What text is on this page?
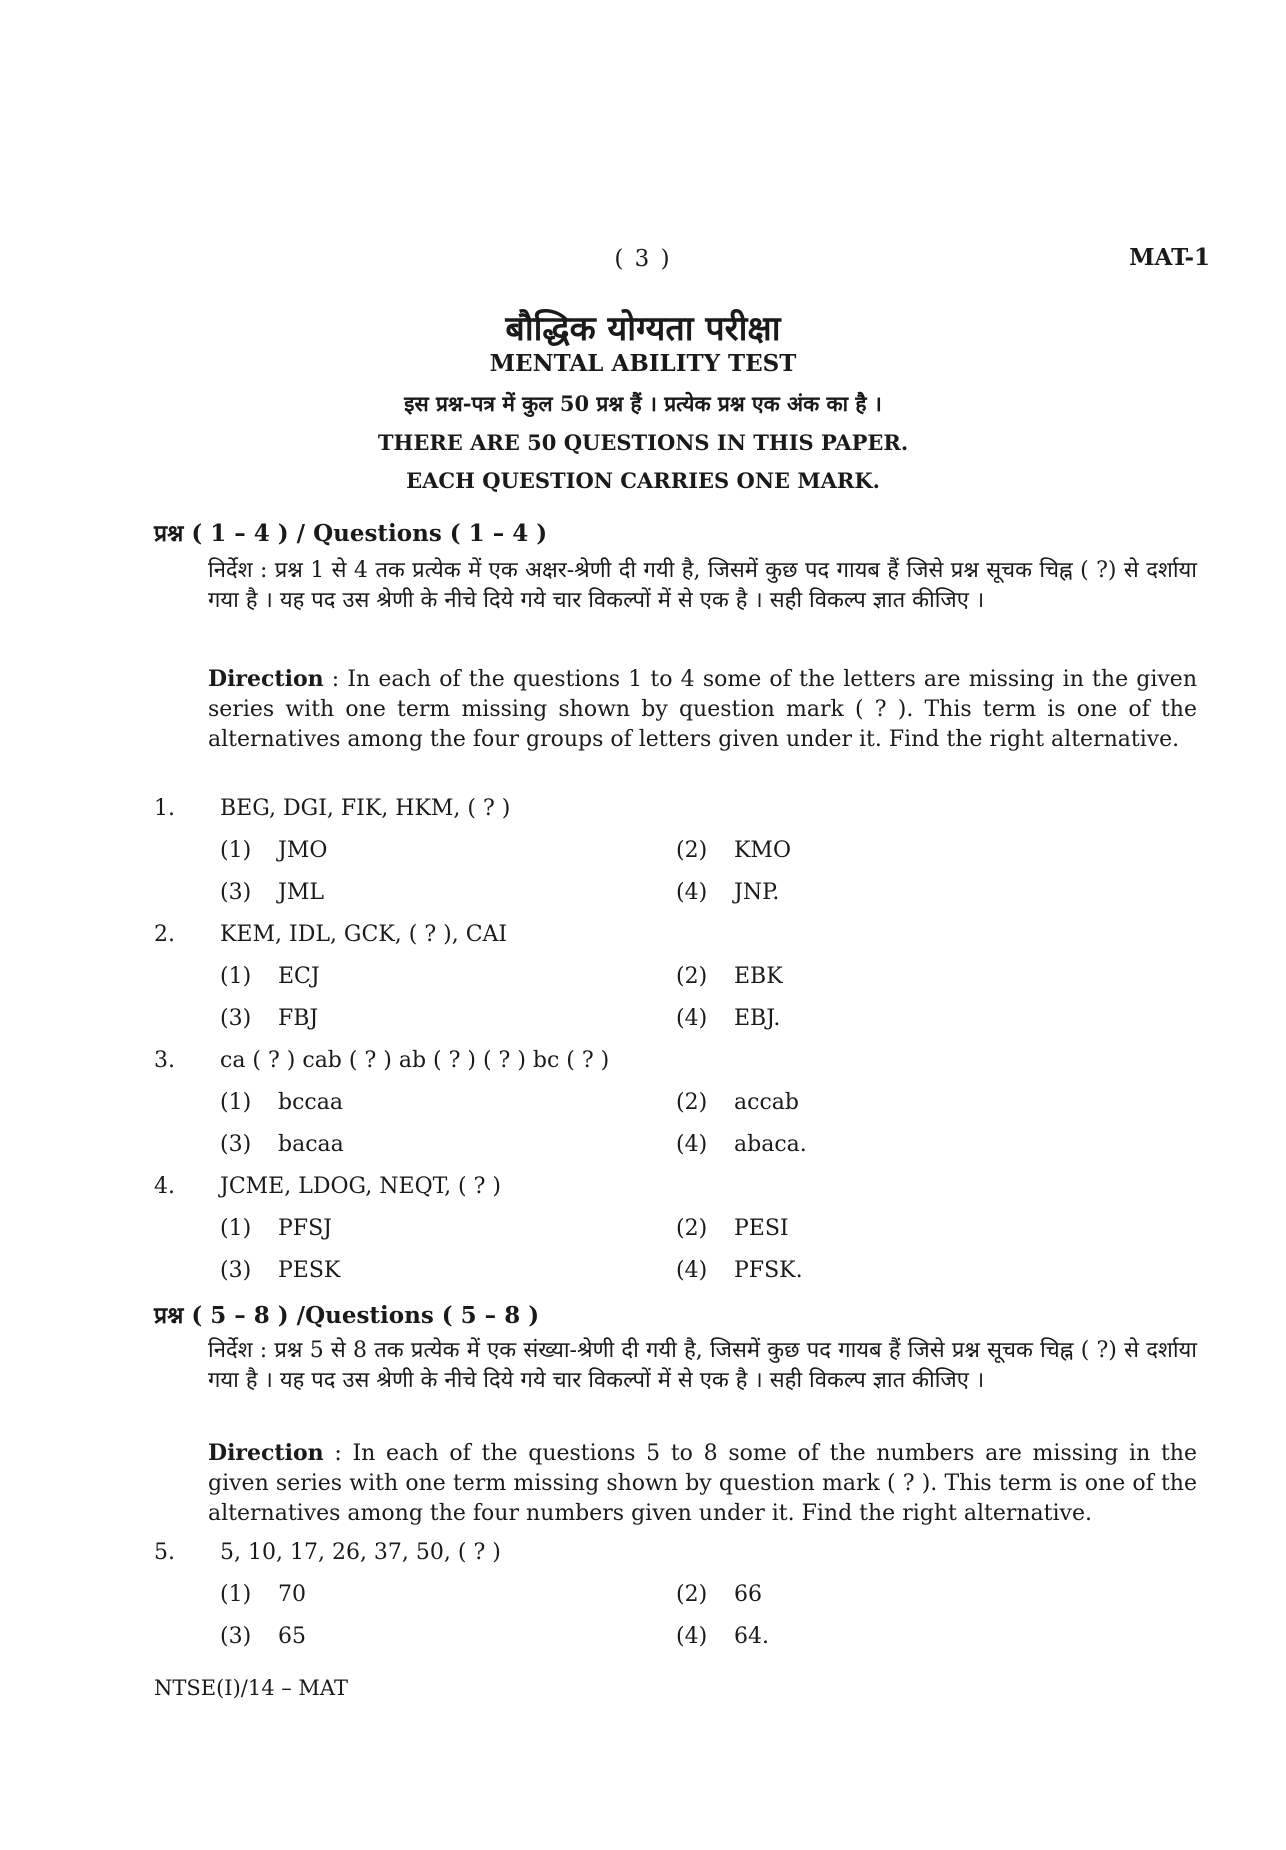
( 3 )	MAT-1
बौद्धिक योग्यता परीक्षा
MENTAL ABILITY TEST
इस प्रश्न-पत्र में कुल 50 प्रश्न हैं । प्रत्येक प्रश्न एक अंक का है ।
THERE ARE 50 QUESTIONS IN THIS PAPER.
EACH QUESTION CARRIES ONE MARK.
प्रश्न ( 1 – 4 ) / Questions ( 1 – 4 )
निर्देश : प्रश्न 1 से 4 तक प्रत्येक में एक अक्षर-श्रेणी दी गयी है, जिसमें कुछ पद गायब हैं जिसे प्रश्न सूचक चिह्न ( ?) से दर्शाया गया है । यह पद उस श्रेणी के नीचे दिये गये चार विकल्पों में से एक है । सही विकल्प ज्ञात कीजिए ।
Direction : In each of the questions 1 to 4 some of the letters are missing in the given series with one term missing shown by question mark ( ? ). This term is one of the alternatives among the four groups of letters given under it. Find the right alternative.
1. BEG, DGI, FIK, HKM, ( ? )
(1) JMO	(2) KMO
(3) JML	(4) JNP.
2. KEM, IDL, GCK, ( ? ), CAI
(1) ECJ	(2) EBK
(3) FBJ	(4) EBJ.
3. ca ( ? ) cab ( ? ) ab ( ? ) ( ? ) bc ( ? )
(1) bccaa	(2) accab
(3) bacaa	(4) abaca.
4. JCME, LDOG, NEQT, ( ? )
(1) PFSJ	(2) PESI
(3) PESK	(4) PFSK.
प्रश्न ( 5 – 8 ) /Questions ( 5 – 8 )
निर्देश : प्रश्न 5 से 8 तक प्रत्येक में एक संख्या-श्रेणी दी गयी है, जिसमें कुछ पद गायब हैं जिसे प्रश्न सूचक चिह्न ( ?) से दर्शाया गया है । यह पद उस श्रेणी के नीचे दिये गये चार विकल्पों में से एक है । सही विकल्प ज्ञात कीजिए ।
Direction : In each of the questions 5 to 8 some of the numbers are missing in the given series with one term missing shown by question mark ( ? ). This term is one of the alternatives among the four numbers given under it. Find the right alternative.
5. 5, 10, 17, 26, 37, 50, ( ? )
(1) 70	(2) 66
(3) 65	(4) 64.
NTSE(I)/14 – MAT
